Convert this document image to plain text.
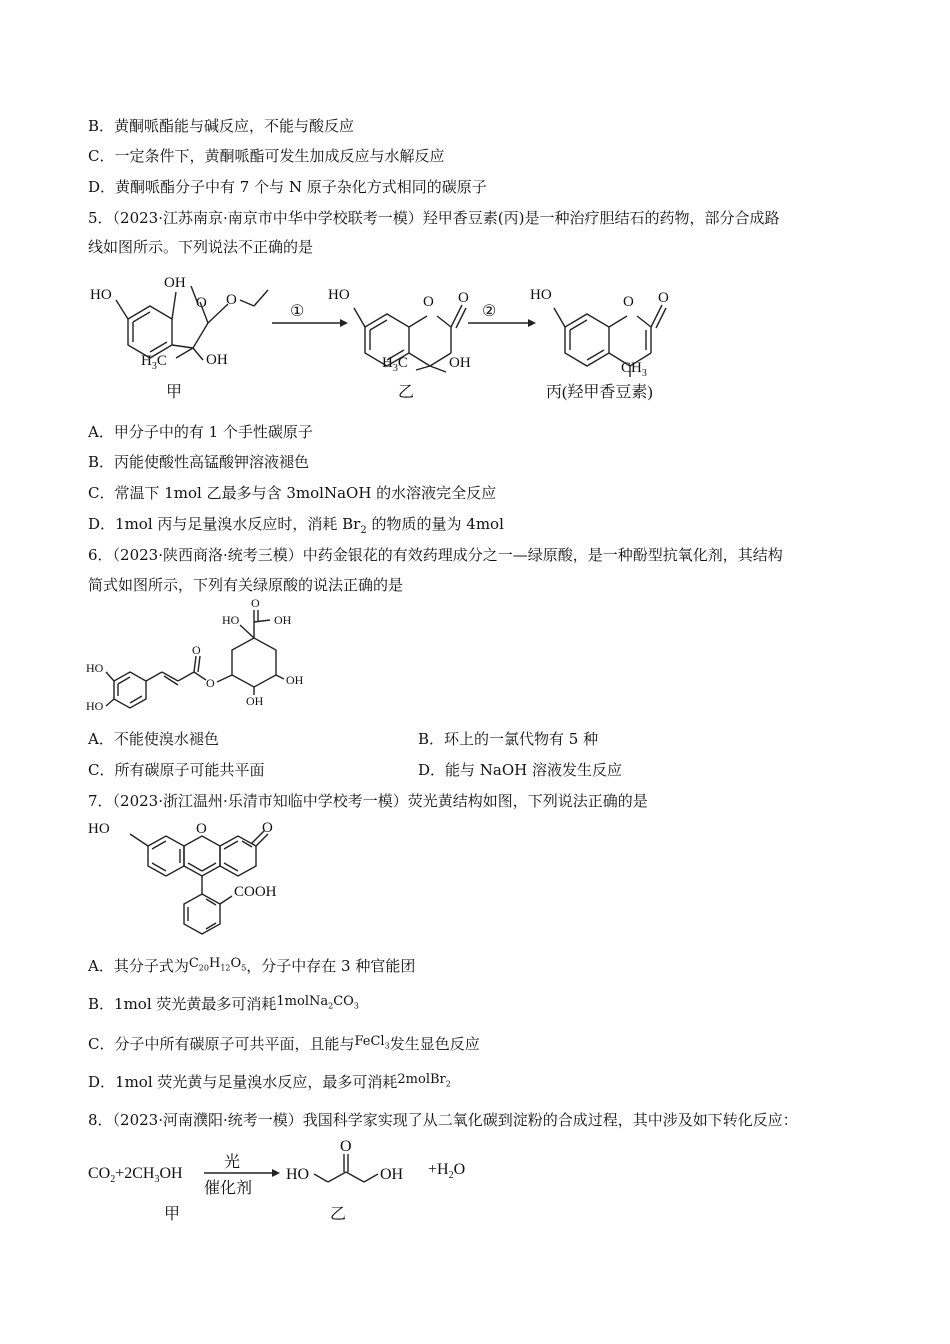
B．黄酮哌酯能与碱反应，不能与酸反应
C．一定条件下，黄酮哌酯可发生加成反应与水解反应
D．黄酮哌酯分子中有 7 个与 N 原子杂化方式相同的碳原子
5．（2023·江苏南京·南京市中华中学校联考一模）羟甲香豆素(丙)是一种治疗胆结石的药物，部分合成路
线如图所示。下列说法不正确的是
HO
OH
O O
OH
$H_3C$
甲
①
O O
HO
$H_3C$	OH
乙
②
O O
HO
$CH_3$
丙(羟甲香豆素)
A．甲分子中的有 1 个手性碳原子
B．丙能使酸性高锰酸钾溶液褪色
C．常温下 1mol 乙最多与含 3molNaOH 的水溶液完全反应
D．1mol 丙与足量溴水反应时，消耗 $Br_2$ 的物质的量为 4mol
6．（2023·陕西商洛·统考三模）中药金银花的有效药理成分之一—绿原酸，是一种酚型抗氧化剂，其结构
简式如图所示，下列有关绿原酸的说法正确的是
HO
HO
O
O
HO	OH
O
OH
OH
A．不能使溴水褪色	B．环上的一氯代物有 5 种
C．所有碳原子可能共平面	D．能与 NaOH 溶液发生反应
7．（2023·浙江温州·乐清市知临中学校考一模）荧光黄结构如图，下列说法正确的是
HO	O	O
COOH
A．其分子式为$C_{20}H_{12}O_5$，分子中存在 3 种官能团
B．1mol 荧光黄最多可消耗$1molNa_2CO_3$
C．分子中所有碳原子可共平面，且能与FeCl$_3$发生显色反应
D．1mol 荧光黄与足量溴水反应，最多可消耗2molBr$_2$
8．（2023·河南濮阳·统考一模）我国科学家实现了从二氧化碳到淀粉的合成过程，其中涉及如下转化反应：
$CO_2+2CH_3OH$
光
催化剂
HO
O
OH $+H_2O$
甲	乙
